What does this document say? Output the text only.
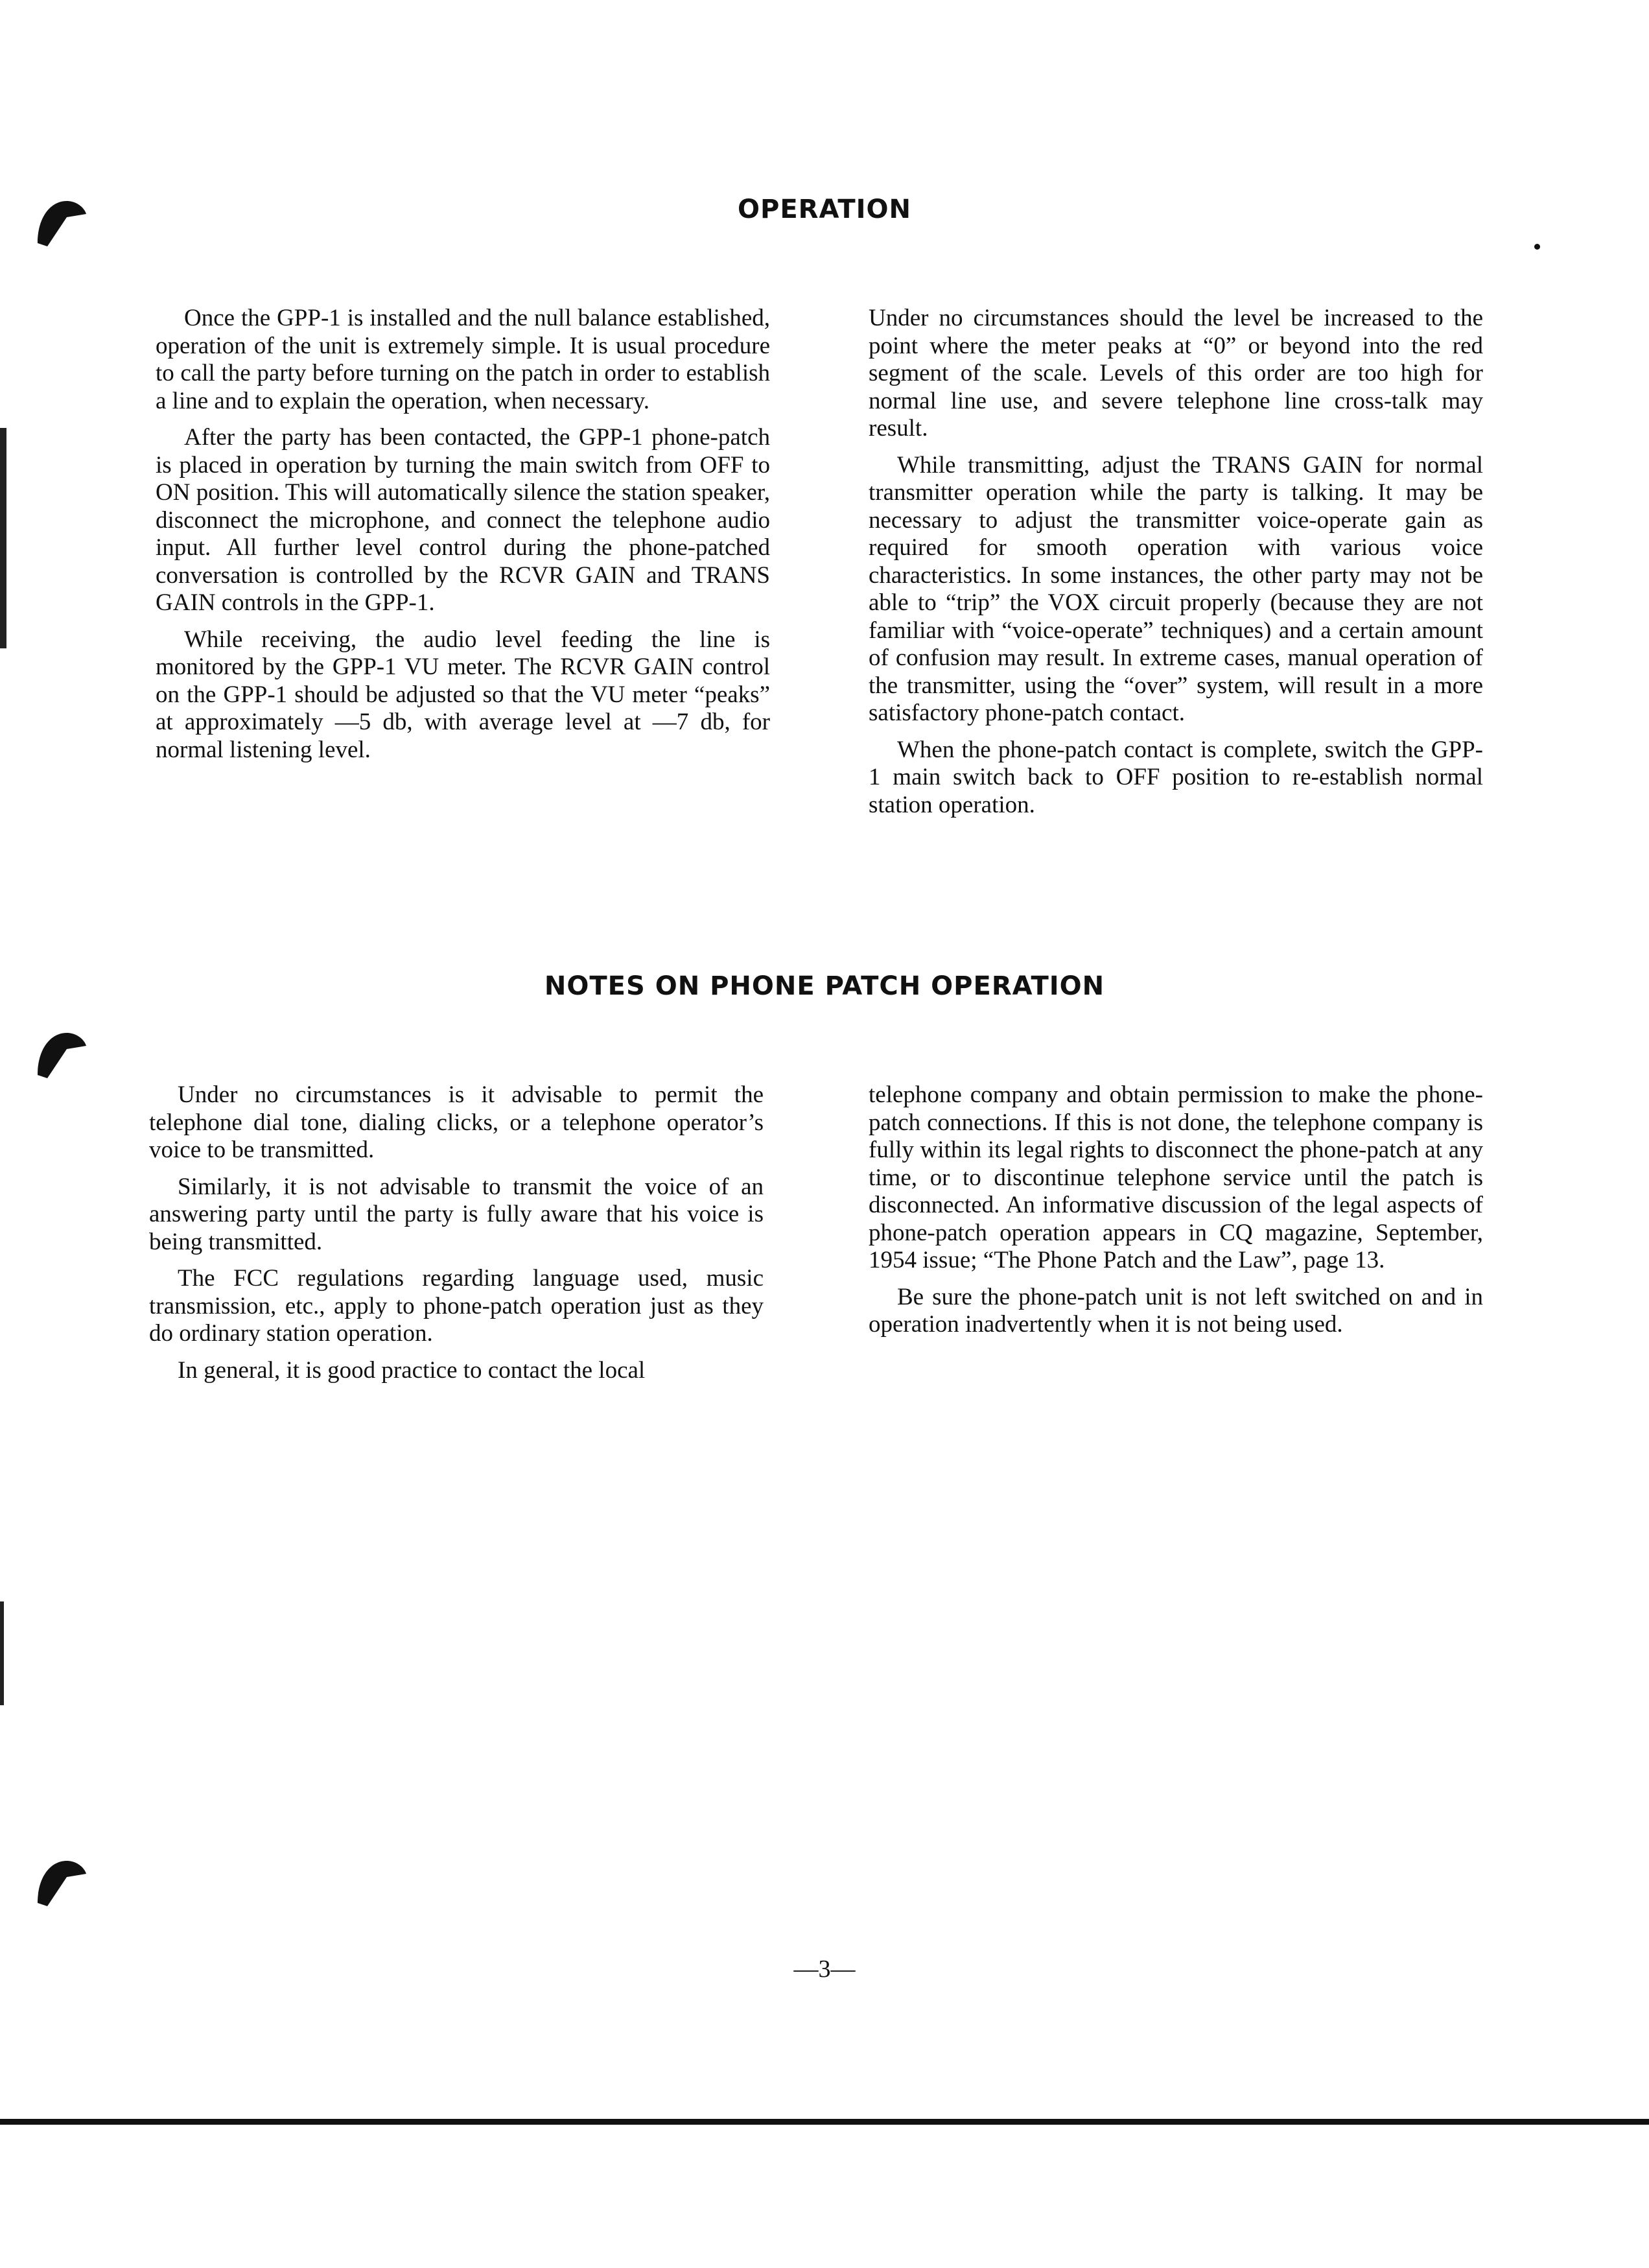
OPERATION

Once the GPP-1 is installed and the null balance established, operation of the unit is extremely simple. It is usual procedure to call the party before turning on the patch in order to establish a line and to explain the operation, when necessary.

After the party has been contacted, the GPP-1 phone-patch is placed in operation by turning the main switch from OFF to ON position. This will automatically silence the station speaker, disconnect the microphone, and connect the telephone audio input. All further level control during the phone-patched conversation is controlled by the RCVR GAIN and TRANS GAIN controls in the GPP-1.

While receiving, the audio level feeding the line is monitored by the GPP-1 VU meter. The RCVR GAIN control on the GPP-1 should be adjusted so that the VU meter “peaks” at approximately —5 db, with average level at —7 db, for normal listening level.

Under no circumstances should the level be increased to the point where the meter peaks at “0” or beyond into the red segment of the scale. Levels of this order are too high for normal line use, and severe telephone line cross-talk may result.

While transmitting, adjust the TRANS GAIN for normal transmitter operation while the party is talking. It may be necessary to adjust the transmitter voice-operate gain as required for smooth operation with various voice characteristics. In some instances, the other party may not be able to “trip” the VOX circuit properly (because they are not familiar with “voice-operate” techniques) and a certain amount of confusion may result. In extreme cases, manual operation of the transmitter, using the “over” system, will result in a more satisfactory phone-patch contact.

When the phone-patch contact is complete, switch the GPP-1 main switch back to OFF position to re-establish normal station operation.

NOTES ON PHONE PATCH OPERATION

Under no circumstances is it advisable to permit the telephone dial tone, dialing clicks, or a telephone operator’s voice to be transmitted.

Similarly, it is not advisable to transmit the voice of an answering party until the party is fully aware that his voice is being transmitted.

The FCC regulations regarding language used, music transmission, etc., apply to phone-patch operation just as they do ordinary station operation.

In general, it is good practice to contact the local

telephone company and obtain permission to make the phone-patch connections. If this is not done, the telephone company is fully within its legal rights to disconnect the phone-patch at any time, or to discontinue telephone service until the patch is disconnected. An informative discussion of the legal aspects of phone-patch operation appears in CQ magazine, September, 1954 issue; “The Phone Patch and the Law”, page 13.

Be sure the phone-patch unit is not left switched on and in operation inadvertently when it is not being used.

—3—
